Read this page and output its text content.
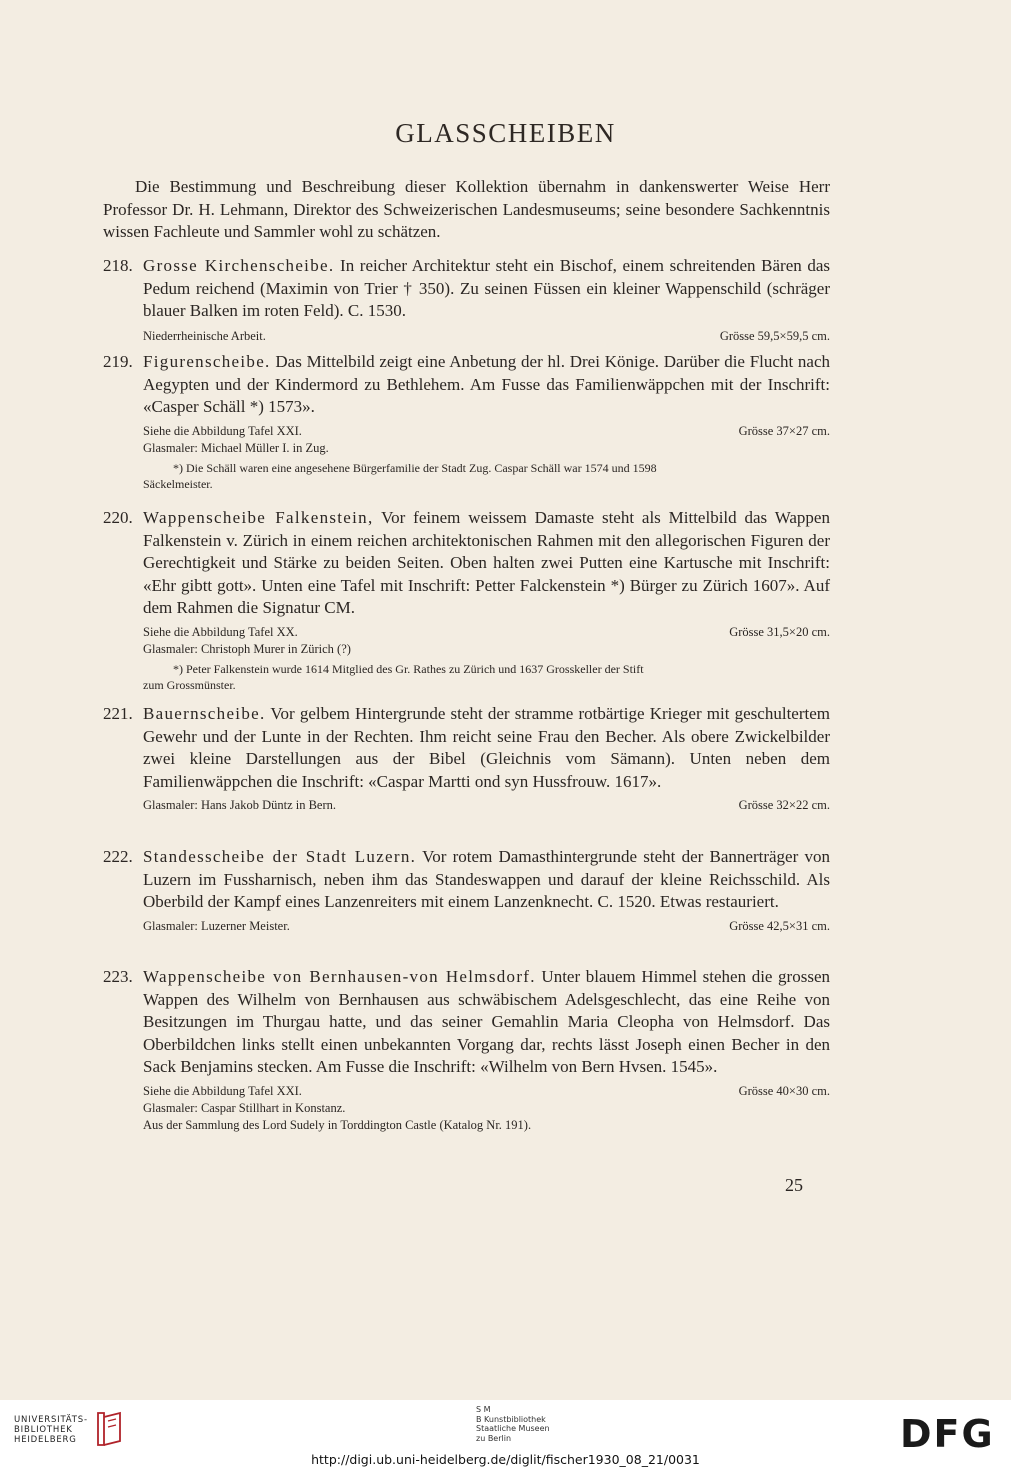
GLASSCHEIBEN
Die Bestimmung und Beschreibung dieser Kollektion übernahm in dankenswerter Weise Herr Professor Dr. H. Lehmann, Direktor des Schweizerischen Landesmuseums; seine besondere Sachkenntnis wissen Fachleute und Sammler wohl zu schätzen.
218. Grosse Kirchenscheibe. In reicher Architektur steht ein Bischof, einem schreitenden Bären das Pedum reichend (Maximin von Trier † 350). Zu seinen Füssen ein kleiner Wappenschild (schräger blauer Balken im roten Feld). C. 1530.
Niederrheinische Arbeit.	Grösse 59,5×59,5 cm.
219. Figurenscheibe. Das Mittelbild zeigt eine Anbetung der hl. Drei Könige. Darüber die Flucht nach Aegypten und der Kindermord zu Bethlehem. Am Fusse das Familienwäppchen mit der Inschrift: «Casper Schäll *) 1573».
Siehe die Abbildung Tafel XXI.	Grösse 37×27 cm.
Glasmaler: Michael Müller I. in Zug.
*) Die Schäll waren eine angesehene Bürgerfamilie der Stadt Zug. Caspar Schäll war 1574 und 1598
Säckelmeister.
220. Wappenscheibe Falkenstein, Vor feinem weissem Damaste steht als Mittelbild das Wappen Falkenstein v. Zürich in einem reichen architektonischen Rahmen mit den allegorischen Figuren der Gerechtigkeit und Stärke zu beiden Seiten. Oben halten zwei Putten eine Kartusche mit Inschrift: «Ehr gibtt gott». Unten eine Tafel mit Inschrift: Petter Falckenstein *) Bürger zu Zürich 1607». Auf dem Rahmen die Signatur CM.
Siehe die Abbildung Tafel XX.	Grösse 31,5×20 cm.
Glasmaler: Christoph Murer in Zürich (?)
*) Peter Falkenstein wurde 1614 Mitglied des Gr. Rathes zu Zürich und 1637 Grosskeller der Stift
zum Grossmünster.
221. Bauernscheibe. Vor gelbem Hintergrunde steht der stramme rotbärtige Krieger mit geschultertem Gewehr und der Lunte in der Rechten. Ihm reicht seine Frau den Becher. Als obere Zwickelbilder zwei kleine Darstellungen aus der Bibel (Gleichnis vom Sämann). Unten neben dem Familienwäppchen die Inschrift: «Caspar Martti ond syn Hussfrouw. 1617».
Glasmaler: Hans Jakob Düntz in Bern.	Grösse 32×22 cm.
222. Standesscheibe der Stadt Luzern. Vor rotem Damasthintergrunde steht der Bannerträger von Luzern im Fussharnisch, neben ihm das Standeswappen und darauf der kleine Reichsschild. Als Oberbild der Kampf eines Lanzenreiters mit einem Lanzenknecht. C. 1520. Etwas restauriert.
Glasmaler: Luzerner Meister.	Grösse 42,5×31 cm.
223. Wappenscheibe von Bernhausen-von Helmsdorf. Unter blauem Himmel stehen die grossen Wappen des Wilhelm von Bernhausen aus schwäbischem Adelsgeschlecht, das eine Reihe von Besitzungen im Thurgau hatte, und das seiner Gemahlin Maria Cleopha von Helmsdorf. Das Oberbildchen links stellt einen unbekannten Vorgang dar, rechts lässt Joseph einen Becher in den Sack Benjamins stecken. Am Fusse die Inschrift: «Wilhelm von Bern Hvsen. 1545».
Siehe die Abbildung Tafel XXI.	Grösse 40×30 cm.
Glasmaler: Caspar Stillhart in Konstanz.
Aus der Sammlung des Lord Sudely in Torddington Castle (Katalog Nr. 191).
25
UNIVERSITÄTS-
BIBLIOTHEK
HEIDELBERG
S M
B Kunstbibliothek
Staatliche Museen
zu Berlin	DFG
http://digi.ub.uni-heidelberg.de/diglit/fischer1930_08_21/0031
